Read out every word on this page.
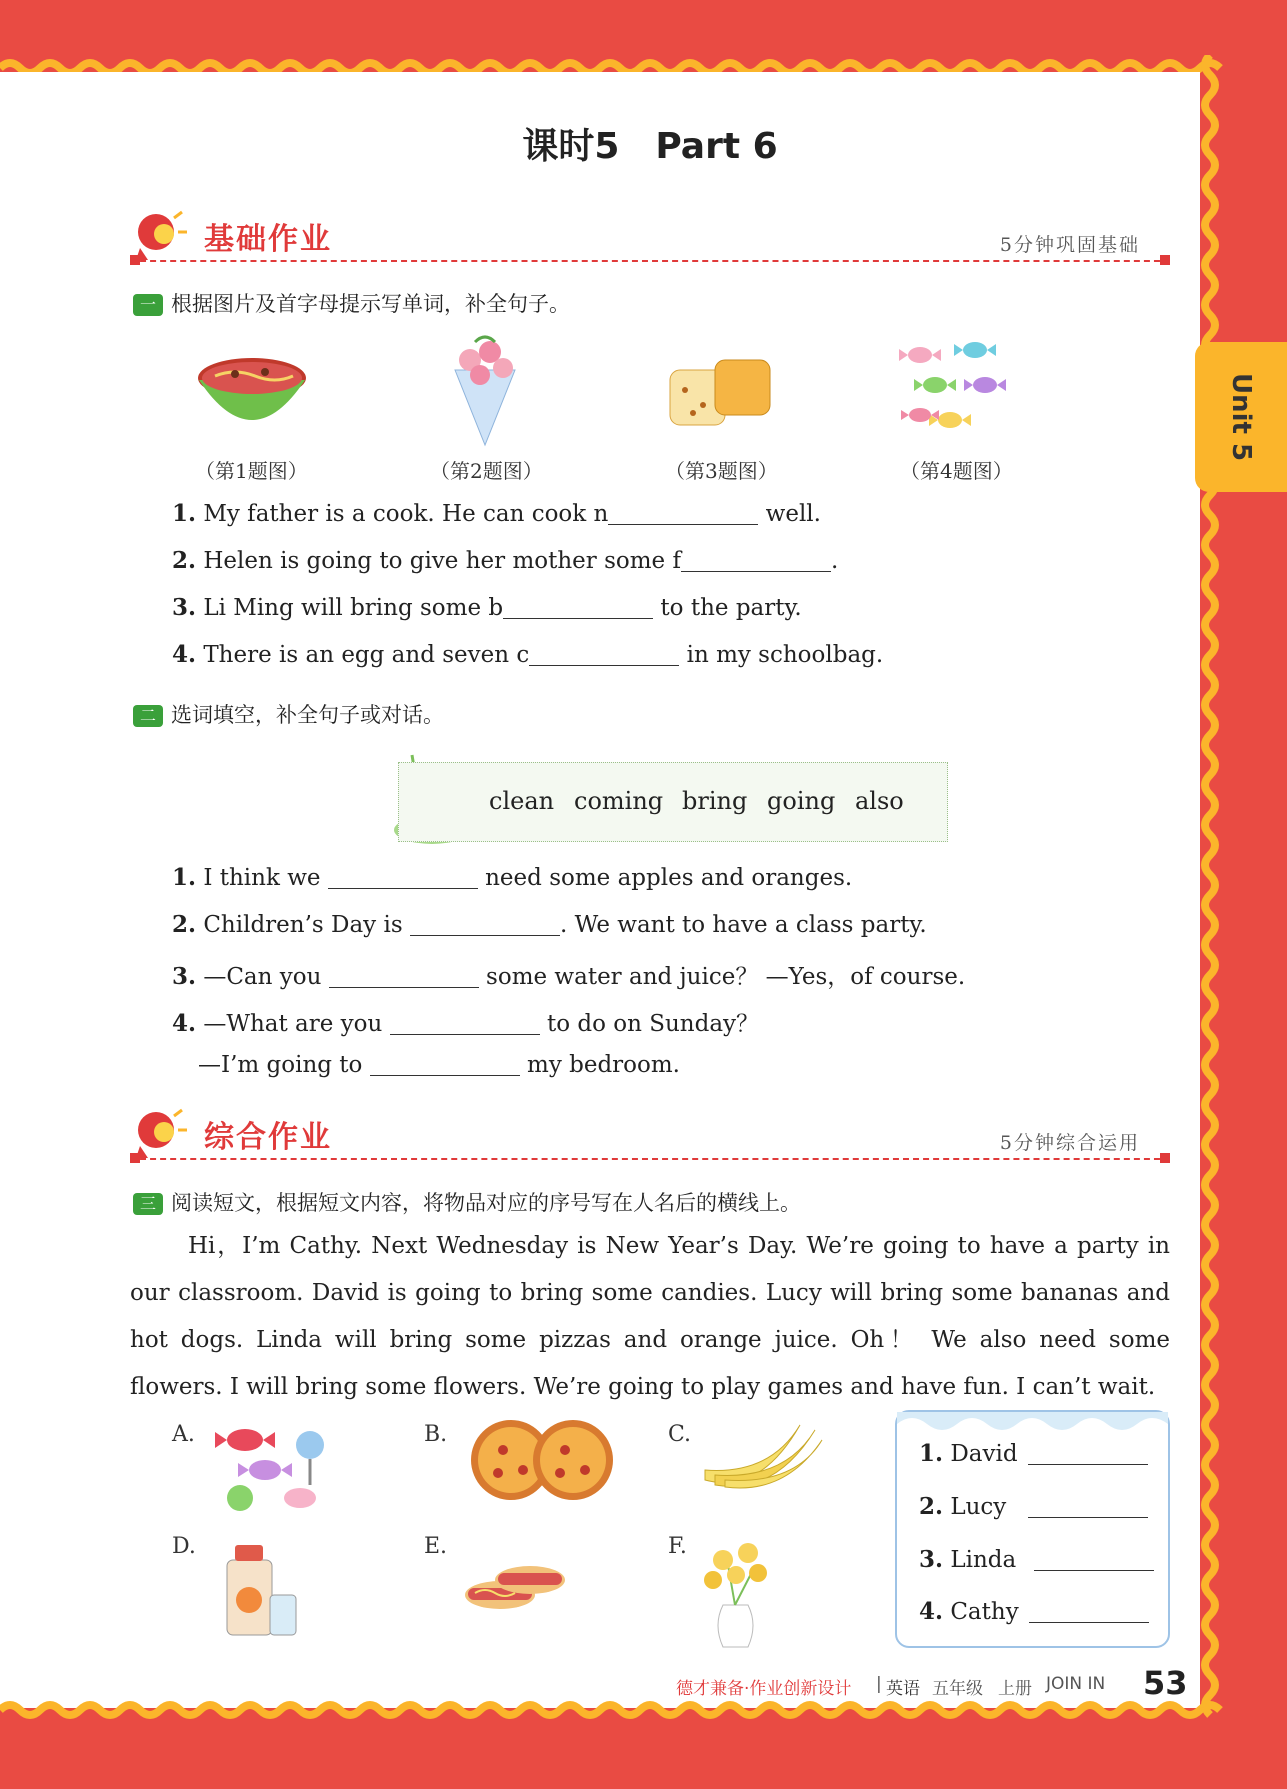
Unit 5
课时5　Part 6
基础作业	5分钟巩固基础
一 根据图片及首字母提示写单词，补全句子。
（第1题图）	（第2题图）	（第3题图）	（第4题图）
1. My father is a cook. He can cook n	well.
2. Helen is going to give her mother some f	.
3. Li Ming will bring some b	to the party.
4. There is an egg and seven c	in my schoolbag.
二 选词填空，补全句子或对话。
clean coming bring going also
1. I think we	need some apples and oranges.
2. Children’s Day is	. We want to have a class party.
3. —Can you	some water and juice？ —Yes，of course.
4. —What are you	to do on Sunday？
—I’m going to	my bedroom.
综合作业	5分钟综合运用
三 阅读短文，根据短文内容，将物品对应的序号写在人名后的横线上。
Hi，I’m Cathy. Next Wednesday is New Year’s Day. We’re going to have a party in our classroom. David is going to bring some candies. Lucy will bring some bananas and hot dogs. Linda will bring some pizzas and orange juice. Oh！ We also need some flowers. I will bring some flowers. We’re going to play games and have fun. I can’t wait.
A.	B.	C.
D.	E.	F.
1. David
2. Lucy
3. Linda
4. Cathy
德才兼备·作业创新设计 | 英语 五年级 上册 JOIN IN 53
